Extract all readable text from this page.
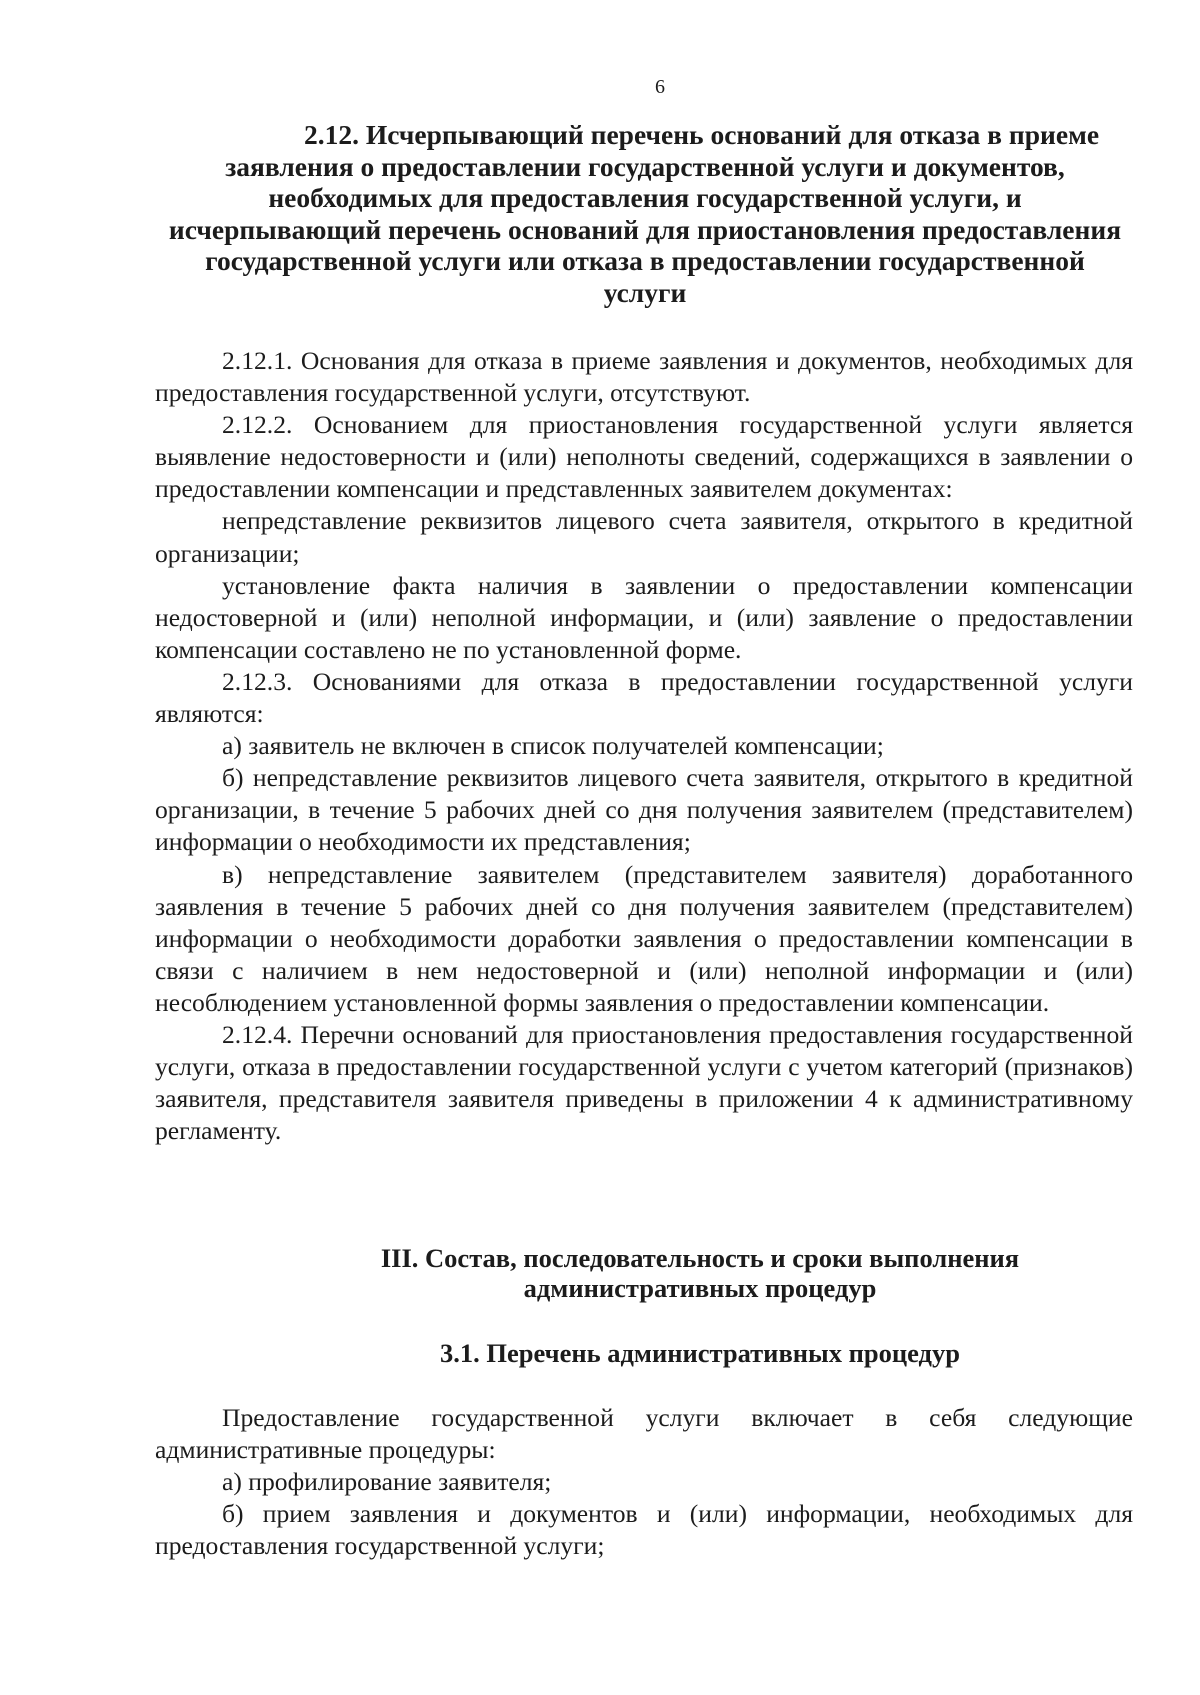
6
2.12. Исчерпывающий перечень оснований для отказа в приеме
заявления о предоставлении государственной услуги и документов,
необходимых для предоставления государственной услуги, и
исчерпывающий перечень оснований для приостановления предоставления
государственной услуги или отказа в предоставлении государственной
услуги

2.12.1. Основания для отказа в приеме заявления и документов, необходимых для предоставления государственной услуги, отсутствуют.

2.12.2. Основанием для приостановления государственной услуги является выявление недостоверности и (или) неполноты сведений, содержащихся в заявлении о предоставлении компенсации и представленных заявителем документах:

непредставление реквизитов лицевого счета заявителя, открытого в кредитной организации;

установление факта наличия в заявлении о предоставлении компенсации недостоверной и (или) неполной информации, и (или) заявление о предоставлении компенсации составлено не по установленной форме.

2.12.3. Основаниями для отказа в предоставлении государственной услуги являются:

а) заявитель не включен в список получателей компенсации;

б) непредставление реквизитов лицевого счета заявителя, открытого в кредитной организации, в течение 5 рабочих дней со дня получения заявителем (представителем) информации о необходимости их представления;

в) непредставление заявителем (представителем заявителя) доработанного заявления в течение 5 рабочих дней со дня получения заявителем (представителем) информации о необходимости доработки заявления о предоставлении компенсации в связи с наличием в нем недостоверной и (или) неполной информации и (или) несоблюдением установленной формы заявления о предоставлении компенсации.

2.12.4. Перечни оснований для приостановления предоставления государственной услуги, отказа в предоставлении государственной услуги с учетом категорий (признаков) заявителя, представителя заявителя приведены в приложении 4 к административному регламенту.

III. Состав, последовательность и сроки выполнения
административных процедур
3.1. Перечень административных процедур

Предоставление государственной услуги включает в себя следующие административные процедуры:

а) профилирование заявителя;

б) прием заявления и документов и (или) информации, необходимых для предоставления государственной услуги;
